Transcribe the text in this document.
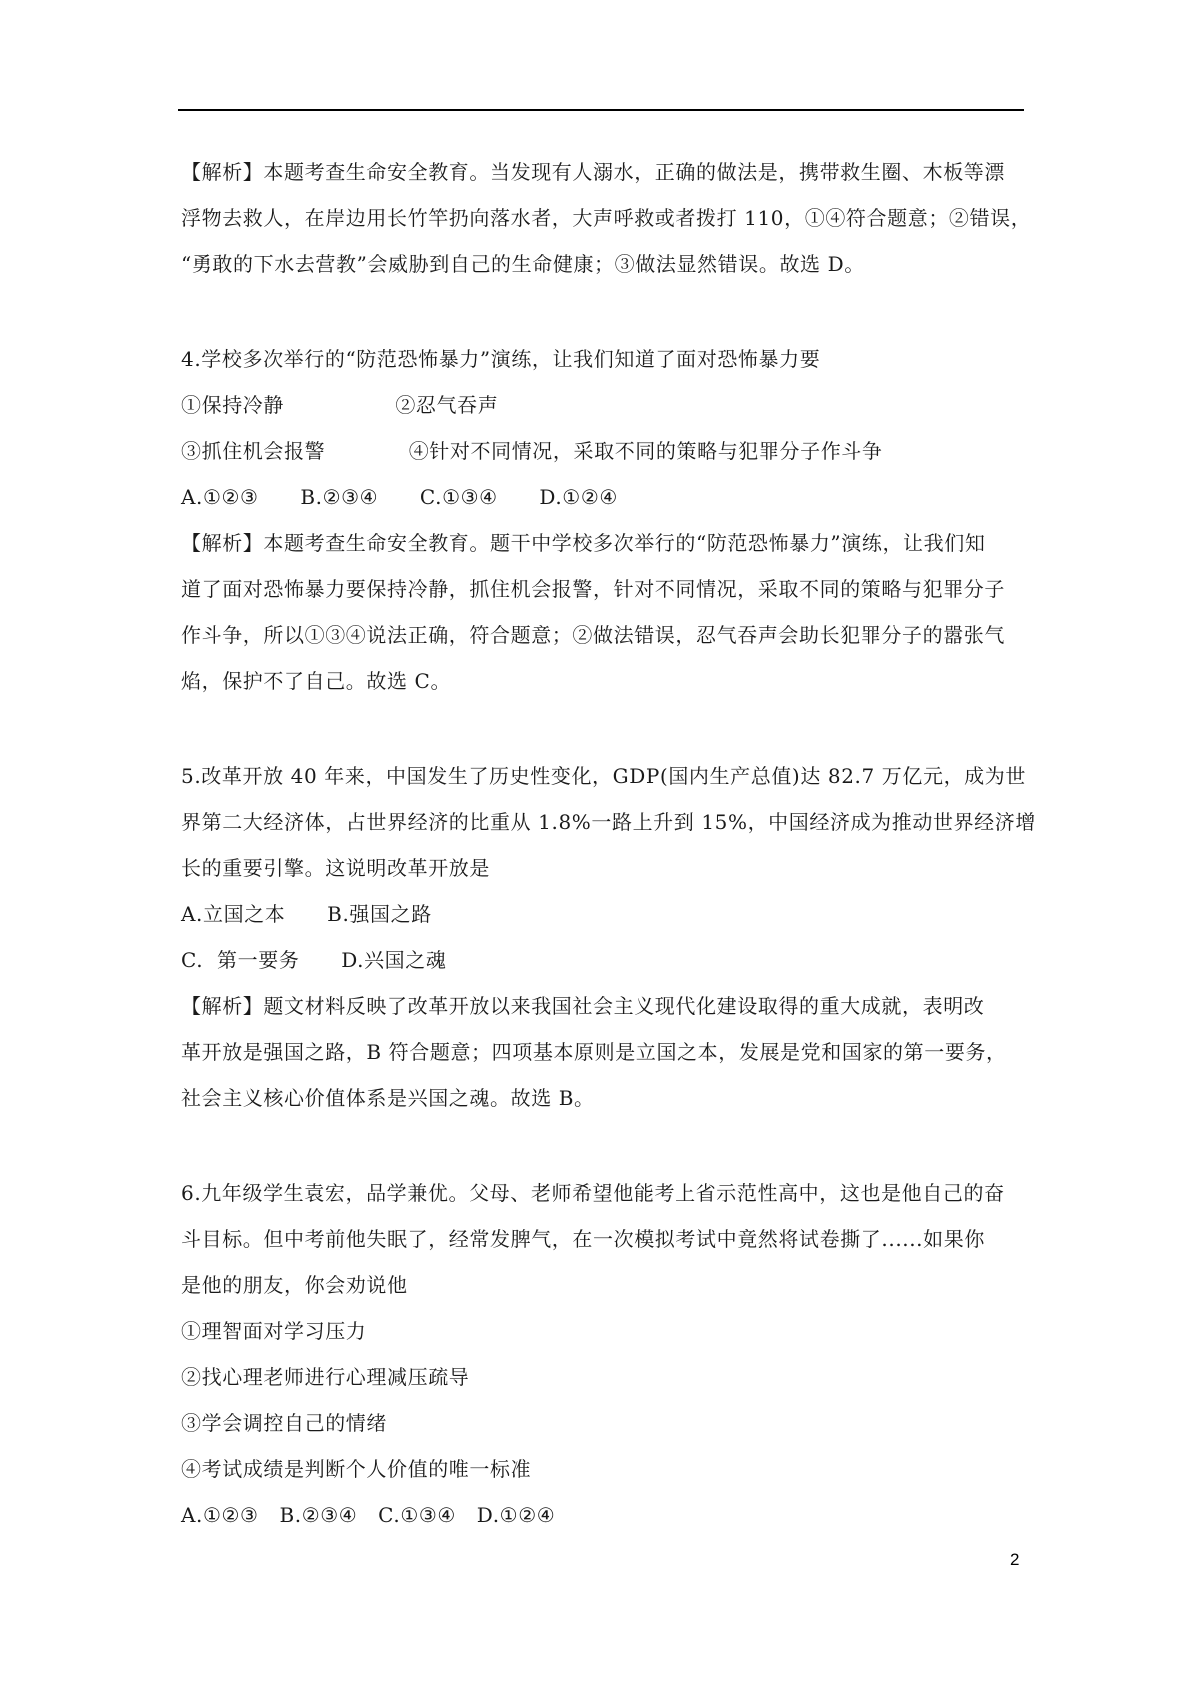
【解析】本题考查生命安全教育。当发现有人溺水，正确的做法是，携带救生圈、木板等漂
浮物去救人，在岸边用长竹竿扔向落水者，大声呼救或者拨打 110，①④符合题意；②错误，
“勇敢的下水去营教”会威胁到自己的生命健康；③做法显然错误。故选 D。
4.学校多次举行的“防范恐怖暴力”演练，让我们知道了面对恐怖暴力要
①保持冷静                ②忍气吞声
③抓住机会报警            ④针对不同情况，采取不同的策略与犯罪分子作斗争
A.①②③      B.②③④      C.①③④      D.①②④
【解析】本题考查生命安全教育。题干中学校多次举行的“防范恐怖暴力”演练，让我们知
道了面对恐怖暴力要保持冷静，抓住机会报警，针对不同情况，采取不同的策略与犯罪分子
作斗争，所以①③④说法正确，符合题意；②做法错误，忍气吞声会助长犯罪分子的嚣张气
焰，保护不了自己。故选 C。
5.改革开放 40 年来，中国发生了历史性变化，GDP(国内生产总值)达 82.7 万亿元，成为世
界第二大经济体，占世界经济的比重从 1.8%一路上升到 15%，中国经济成为推动世界经济增
长的重要引擎。这说明改革开放是
A.立国之本      B.强国之路
C.  第一要务      D.兴国之魂
【解析】题文材料反映了改革开放以来我国社会主义现代化建设取得的重大成就，表明改
革开放是强国之路，B 符合题意；四项基本原则是立国之本，发展是党和国家的第一要务，
社会主义核心价值体系是兴国之魂。故选 B。
6.九年级学生袁宏，品学兼优。父母、老师希望他能考上省示范性高中，这也是他自己的奋
斗目标。但中考前他失眠了，经常发脾气，在一次模拟考试中竟然将试卷撕了......如果你
是他的朋友，你会劝说他
①理智面对学习压力
②找心理老师进行心理减压疏导
③学会调控自己的情绪
④考试成绩是判断个人价值的唯一标准
A.①②③   B.②③④   C.①③④   D.①②④
2
